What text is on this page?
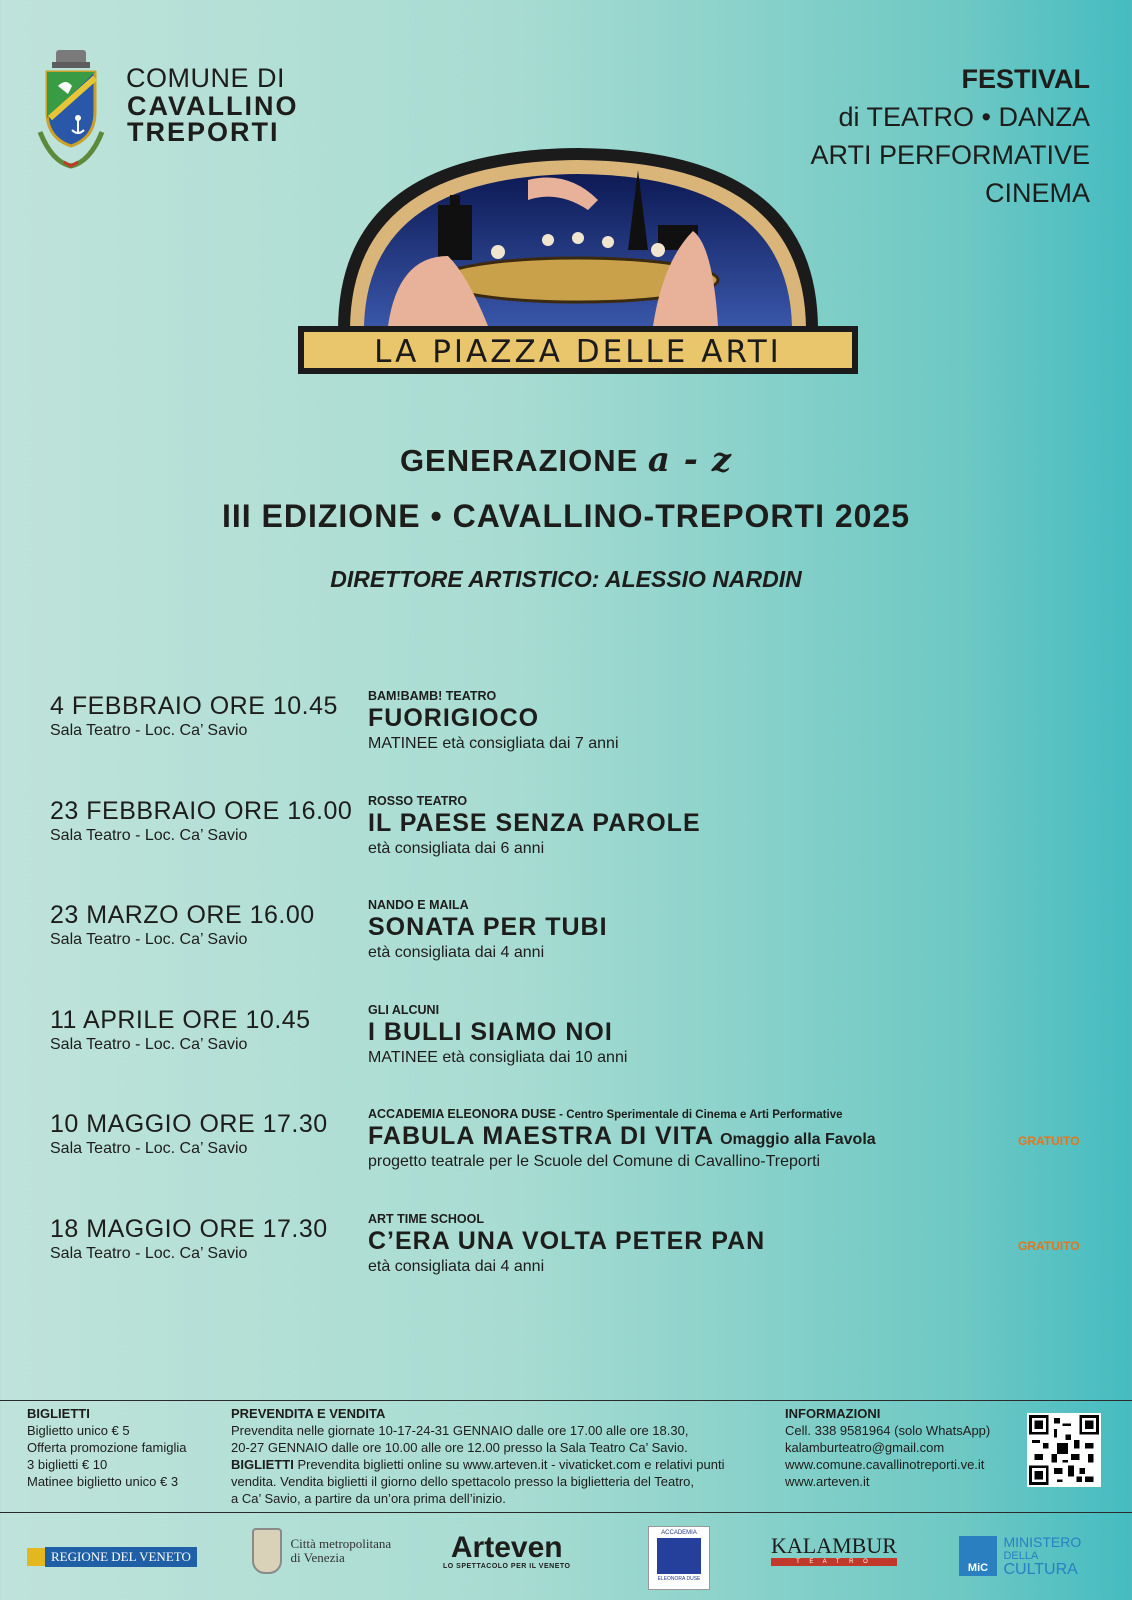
COMUNE DI
CAVALLINO
TREPORTI
FESTIVAL
di TEATRO • DANZA
ARTI PERFORMATIVE
CINEMA
LA PIAZZA DELLE ARTI
GENERAZIONE a - z
III EDIZIONE • CAVALLINO-TREPORTI 2025
DIRETTORE ARTISTICO: ALESSIO NARDIN
4 FEBBRAIO ORE 10.45
Sala Teatro - Loc. Ca’ Savio
BAM!BAMB! TEATRO
FUORIGIOCO
MATINEE età consigliata dai 7 anni
23 FEBBRAIO ORE 16.00
Sala Teatro - Loc. Ca’ Savio
ROSSO TEATRO
IL PAESE SENZA PAROLE
età consigliata dai 6 anni
23 MARZO ORE 16.00
Sala Teatro - Loc. Ca’ Savio
NANDO E MAILA
SONATA PER TUBI
età consigliata dai 4 anni
11 APRILE ORE 10.45
Sala Teatro - Loc. Ca’ Savio
GLI ALCUNI
I BULLI SIAMO NOI
MATINEE età consigliata dai 10 anni
10 MAGGIO ORE 17.30
Sala Teatro - Loc. Ca’ Savio
ACCADEMIA ELEONORA DUSE - Centro Sperimentale di Cinema e Arti Performative
FABULA MAESTRA DI VITA Omaggio alla Favola
progetto teatrale per le Scuole del Comune di Cavallino-Treporti
GRATUITO
18 MAGGIO ORE 17.30
Sala Teatro - Loc. Ca’ Savio
ART TIME SCHOOL
C’ERA UNA VOLTA PETER PAN
età consigliata dai 4 anni
GRATUITO
BIGLIETTI
Biglietto unico € 5
Offerta promozione famiglia
3 biglietti € 10
Matinee biglietto unico € 3
PREVENDITA E VENDITA
Prevendita nelle giornate 10-17-24-31 GENNAIO dalle ore 17.00 alle ore 18.30,
20-27 GENNAIO dalle ore 10.00 alle ore 12.00 presso la Sala Teatro Ca’ Savio.
BIGLIETTI Prevendita biglietti online su www.arteven.it - vivaticket.com e relativi punti
vendita. Vendita biglietti il giorno dello spettacolo presso la biglietteria del Teatro,
a Ca’ Savio, a partire da un’ora prima dell’inizio.
INFORMAZIONI
Cell. 338 9581964 (solo WhatsApp)
kalamburteatro@gmail.com
www.comune.cavallinotreporti.ve.it
www.arteven.it
REGIONE DEL VENETO

Città metropolitana
di Venezia	Arteven
LO SPETTACOLO PER IL VENETO
ACCADEMIA
ELEONORA DUSE
KALAMBUR
T E A T R O	MiC
MINISTERO
DELLA
CULTURA
